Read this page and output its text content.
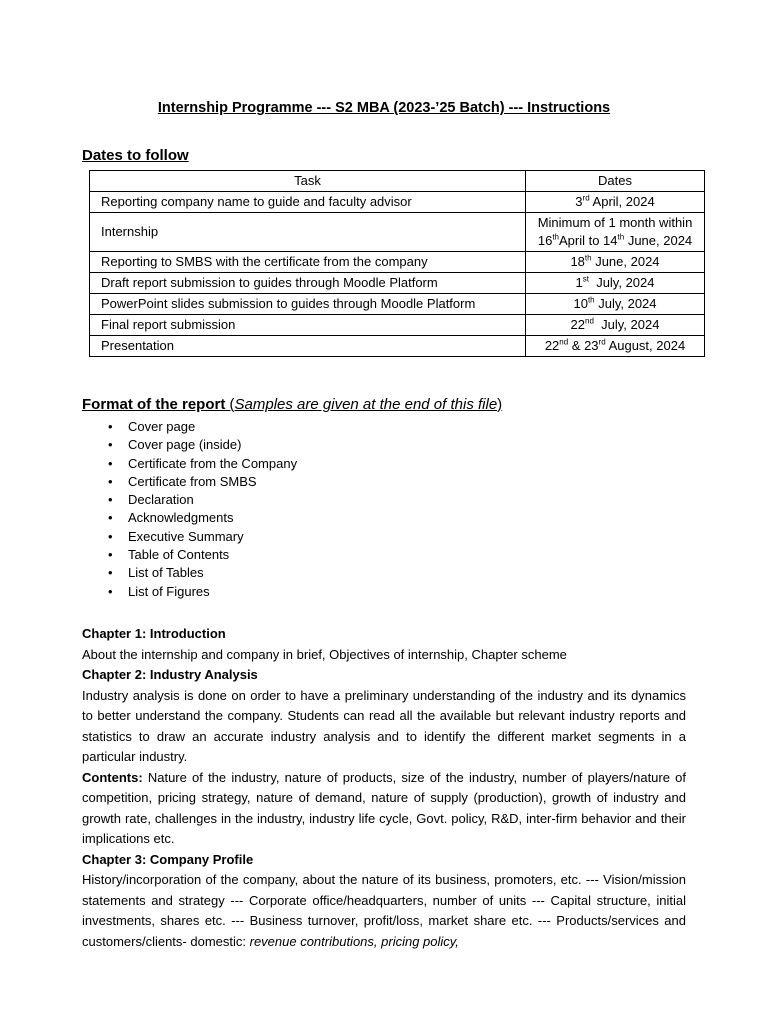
Internship Programme --- S2 MBA (2023-’25 Batch) --- Instructions
Dates to follow
Task	Dates
Reporting company name to guide and faculty advisor	3rd April, 2024
Internship	Minimum of 1 month within
16thApril to 14th June, 2024

Reporting to SMBS with the certificate from the company	18th June, 2024
Draft report submission to guides through Moodle Platform	1st  July, 2024
PowerPoint slides submission to guides through Moodle Platform	10th July, 2024
Final report submission	22nd  July, 2024
Presentation	22nd & 23rd August, 2024
Format of the report (Samples are given at the end of this file)
• Cover page
• Cover page (inside)
• Certificate from the Company
• Certificate from SMBS
• Declaration
• Acknowledgments
• Executive Summary
• Table of Contents
• List of Tables
• List of Figures

Chapter 1: Introduction

About the internship and company in brief, Objectives of internship, Chapter scheme

Chapter 2: Industry Analysis

Industry analysis is done on order to have a preliminary understanding of the industry and its dynamics to better understand the company. Students can read all the available but relevant industry reports and statistics to draw an accurate industry analysis and to identify the different market segments in a particular industry.

Contents: Nature of the industry, nature of products, size of the industry, number of players/nature of competition, pricing strategy, nature of demand, nature of supply (production), growth of industry and growth rate, challenges in the industry, industry life cycle, Govt. policy, R&D, inter-firm behavior and their implications etc.

Chapter 3: Company Profile

History/incorporation of the company, about the nature of its business, promoters, etc. --- Vision/mission statements and strategy --- Corporate office/headquarters, number of units --- Capital structure, initial investments, shares etc. --- Business turnover, profit/loss, market share etc. --- Products/services and customers/clients- domestic: revenue contributions, pricing policy,
